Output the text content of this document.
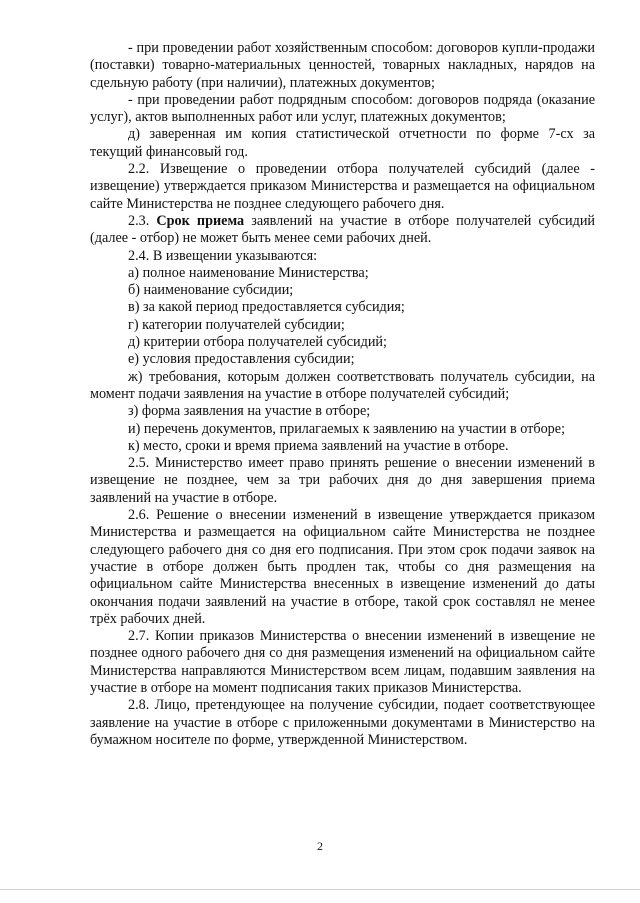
- при проведении работ хозяйственным способом: договоров купли-продажи (поставки) товарно-материальных ценностей, товарных накладных, нарядов на сдельную работу (при наличии), платежных документов;

- при проведении работ подрядным способом: договоров подряда (оказание услуг), актов выполненных работ или услуг, платежных документов;

д) заверенная им копия статистической отчетности по форме 7-сх за текущий финансовый год.

2.2. Извещение о проведении отбора получателей субсидий (далее - извещение) утверждается приказом Министерства и размещается на официальном сайте Министерства не позднее следующего рабочего дня.

2.3. Срок приема заявлений на участие в отборе получателей субсидий (далее - отбор) не может быть менее семи рабочих дней.

2.4. В извещении указываются:

а) полное наименование Министерства;

б) наименование субсидии;

в) за какой период предоставляется субсидия;

г) категории получателей субсидии;

д) критерии отбора получателей субсидий;

е) условия предоставления субсидии;

ж) требования, которым должен соответствовать получатель субсидии, на момент подачи заявления на участие в отборе получателей субсидий;

з) форма заявления на участие в отборе;

и) перечень документов, прилагаемых к заявлению на участии в отборе;

к) место, сроки и время приема заявлений на участие в отборе.

2.5. Министерство имеет право принять решение о внесении изменений в извещение не позднее, чем за три рабочих дня до дня завершения приема заявлений на участие в отборе.

2.6. Решение о внесении изменений в извещение утверждается приказом Министерства и размещается на официальном сайте Министерства не позднее следующего рабочего дня со дня его подписания. При этом срок подачи заявок на участие в отборе должен быть продлен так, чтобы со дня размещения на официальном сайте Министерства внесенных в извещение изменений до даты окончания подачи заявлений на участие в отборе, такой срок составлял не менее трёх рабочих дней.

2.7. Копии приказов Министерства о внесении изменений в извещение не позднее одного рабочего дня со дня размещения изменений на официальном сайте Министерства направляются Министерством всем лицам, подавшим заявления на участие в отборе на момент подписания таких приказов Министерства.

2.8. Лицо, претендующее на получение субсидии, подает соответствующее заявление на участие в отборе с приложенными документами в Министерство на бумажном носителе по форме, утвержденной Министерством.

2
